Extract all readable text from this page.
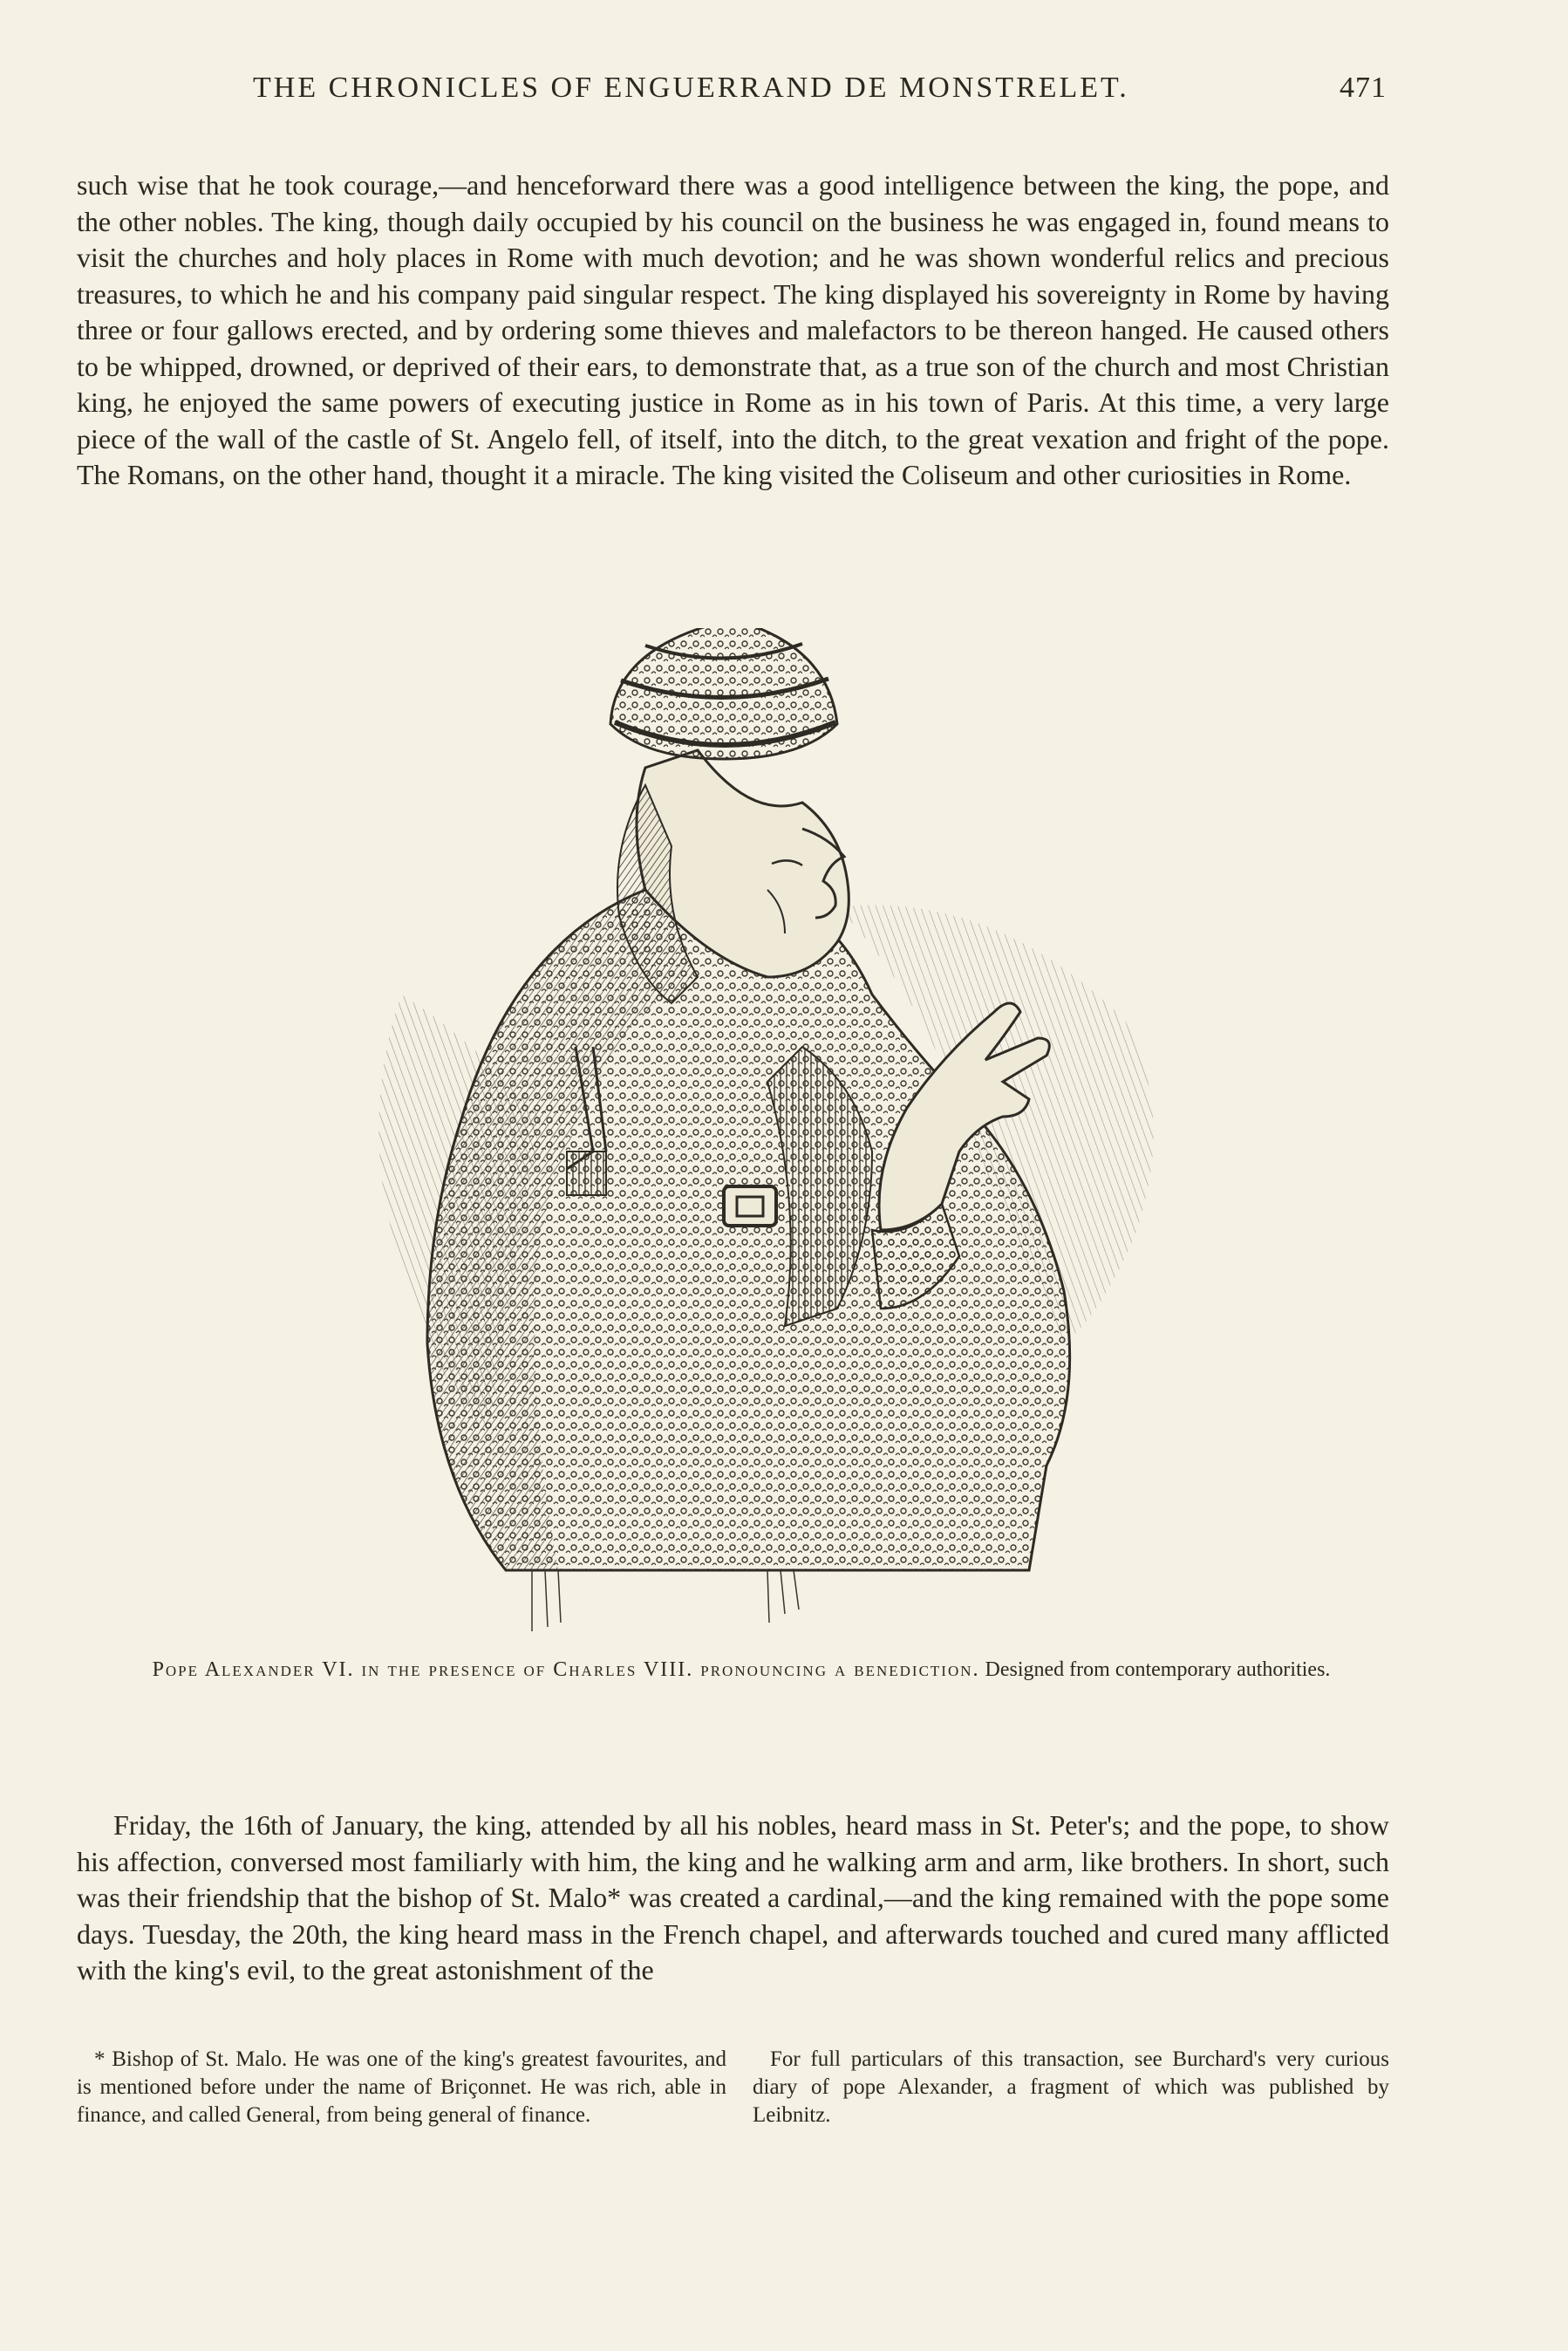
THE CHRONICLES OF ENGUERRAND DE MONSTRELET.	471

such wise that he took courage,—and henceforward there was a good intelligence between the king, the pope, and the other nobles. The king, though daily occupied by his council on the business he was engaged in, found means to visit the churches and holy places in Rome with much devotion; and he was shown wonderful relics and precious treasures, to which he and his company paid singular respect. The king displayed his sovereignty in Rome by having three or four gallows erected, and by ordering some thieves and malefactors to be thereon hanged. He caused others to be whipped, drowned, or deprived of their ears, to demonstrate that, as a true son of the church and most Christian king, he enjoyed the same powers of executing justice in Rome as in his town of Paris. At this time, a very large piece of the wall of the castle of St. Angelo fell, of itself, into the ditch, to the great vexation and fright of the pope. The Romans, on the other hand, thought it a miracle. The king visited the Coliseum and other curiosities in Rome.

Pope Alexander VI. in the presence of Charles VIII. pronouncing a benediction. Designed from contemporary authorities.

Friday, the 16th of January, the king, attended by all his nobles, heard mass in St. Peter's; and the pope, to show his affection, conversed most familiarly with him, the king and he walking arm and arm, like brothers. In short, such was their friendship that the bishop of St. Malo* was created a cardinal,—and the king remained with the pope some days. Tuesday, the 20th, the king heard mass in the French chapel, and afterwards touched and cured many afflicted with the king's evil, to the great astonishment of the

* Bishop of St. Malo. He was one of the king's greatest favourites, and is mentioned before under the name of Briçonnet. He was rich, able in finance, and called General, from being general of finance.

For full particulars of this transaction, see Burchard's very curious diary of pope Alexander, a fragment of which was published by Leibnitz.
